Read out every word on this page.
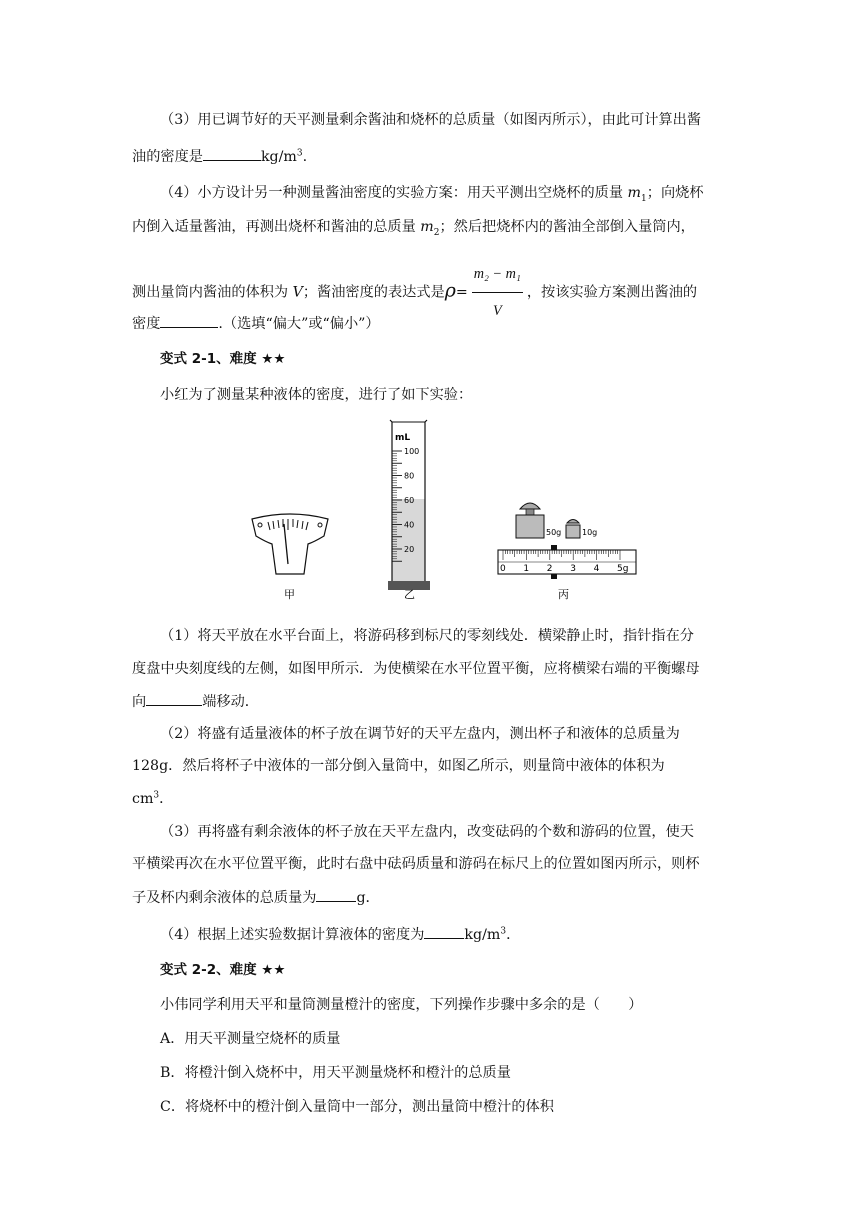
（3）用已调节好的天平测量剩余酱油和烧杯的总质量（如图丙所示），由此可计算出酱
油的密度是	$kg/m^3$.
（4）小方设计另一种测量酱油密度的实验方案：用天平测出空烧杯的质量 $m_1$；向烧杯
内倒入适量酱油，再测出烧杯和酱油的总质量 $m_2$；然后把烧杯内的酱油全部倒入量筒内，
测出量筒内酱油的体积为 V；酱油密度的表达式是$\rho= \frac{\text{m₂ − m₁}}{V}$ ，按该实验方案测出酱油的
密度	.（选填“偏大”或“偏小”）
变式 2-1、难度 ★★
小红为了测量某种液体的密度，进行了如下实验：
mL
100
80
60
40
20
50g	10g
0 1 2 3 4 5g
甲	乙	丙
（1）将天平放在水平台面上，将游码移到标尺的零刻线处．横梁静止时，指针指在分
度盘中央刻度线的左侧，如图甲所示．为使横梁在水平位置平衡，应将横梁右端的平衡螺母
向	端移动．
（2）将盛有适量液体的杯子放在调节好的天平左盘内，测出杯子和液体的总质量为
128g．然后将杯子中液体的一部分倒入量筒中，如图乙所示，则量筒中液体的体积为
$cm^3$．
（3）再将盛有剩余液体的杯子放在天平左盘内，改变砝码的个数和游码的位置，使天
平横梁再次在水平位置平衡，此时右盘中砝码质量和游码在标尺上的位置如图丙所示，则杯
子及杯内剩余液体的总质量为	g．
（4）根据上述实验数据计算液体的密度为	$kg/m^3$．
变式 2-2、难度 ★★
小伟同学利用天平和量筒测量橙汁的密度，下列操作步骤中多余的是（　　）
A．用天平测量空烧杯的质量
B．将橙汁倒入烧杯中，用天平测量烧杯和橙汁的总质量
C．将烧杯中的橙汁倒入量筒中一部分，测出量筒中橙汁的体积
